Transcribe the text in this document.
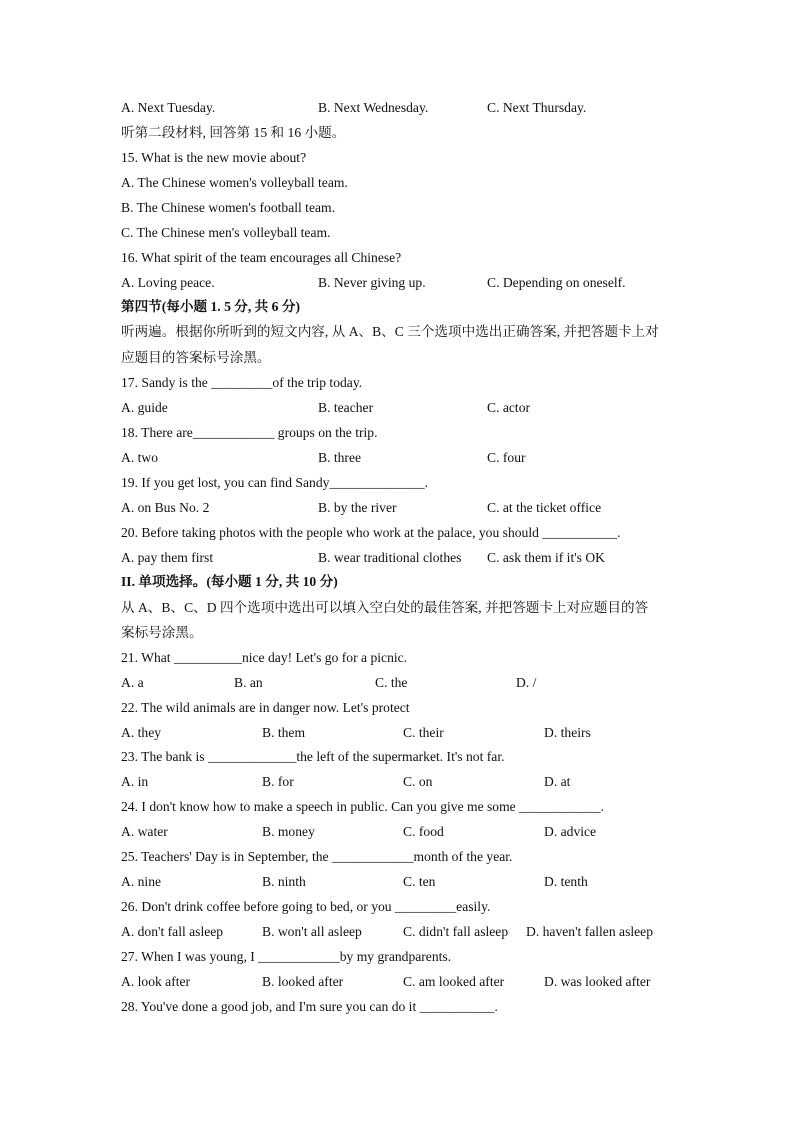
A. Next Tuesday.	B. Next Wednesday.	C. Next Thursday.
听第二段材料, 回答第 15 和 16 小题。
15. What is the new movie about?
A. The Chinese women's volleyball team.
B. The Chinese women's football team.
C. The Chinese men's volleyball team.
16. What spirit of the team encourages all Chinese?
A. Loving peace.	B. Never giving up.	C. Depending on oneself.
第四节(每小题 1. 5 分, 共 6 分)
听两遍。根据你所听到的短文内容, 从 A、B、C 三个选项中选出正确答案, 并把答题卡上对
应题目的答案标号涂黑。
17. Sandy is the _________of the trip today.
A. guide	B. teacher	C. actor
18. There are____________ groups on the trip.
A. two	B. three	C. four
19. If you get lost, you can find Sandy______________.
A. on Bus No. 2	B. by the river	C. at the ticket office
20. Before taking photos with the people who work at the palace, you should ___________.
A. pay them first	B. wear traditional clothes C. ask them if it's OK
II. 单项选择。(每小题 1 分, 共 10 分)
从 A、B、C、D 四个选项中选出可以填入空白处的最佳答案, 并把答题卡上对应题目的答
案标号涂黑。
21. What __________nice day! Let's go for a picnic.
A. a	B. an	C. the	D. /
22. The wild animals are in danger now. Let's protect
A. they	B. them	C. their	D. theirs
23. The bank is _____________the left of the supermarket. It's not far.
A. in	B. for	C. on	D. at
24. I don't know how to make a speech in public. Can you give me some ____________.
A. water	B. money	C. food	D. advice
25. Teachers' Day is in September, the ____________month of the year.
A. nine	B. ninth	C. ten	D. tenth
26. Don't drink coffee before going to bed, or you _________easily.
A. don't fall asleep	B. won't all asleep	C. didn't fall asleep D. haven't fallen asleep
27. When I was young, I ____________by my grandparents.
A. look after	B. looked after	C. am looked after	D. was looked after
28. You've done a good job, and I'm sure you can do it ___________.
